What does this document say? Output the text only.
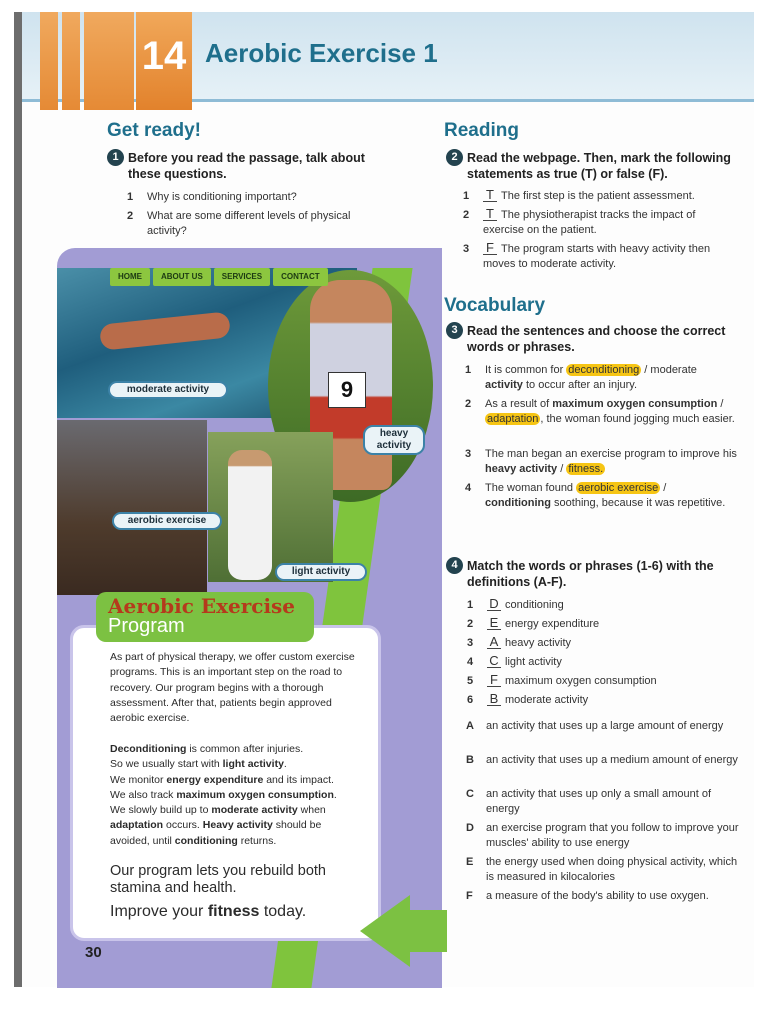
14 Aerobic Exercise 1
Get ready!
1 Before you read the passage, talk about these questions.
1 Why is conditioning important?
2 What are some different levels of physical activity?
9
HOME	ABOUT US	SERVICES	CONTACT
moderate activity
heavy activity
aerobic exercise
light activity
Aerobic Exercise
Program
As part of physical therapy, we offer custom exercise programs. This is an important step on the road to recovery. Our program begins with a thorough assessment. After that, patients begin approved aerobic exercise.
Deconditioning is common after injuries.
So we usually start with light activity.
We monitor energy expenditure and its impact.
We also track maximum oxygen consumption.
We slowly build up to moderate activity when
adaptation occurs. Heavy activity should be
avoided, until conditioning returns.
Our program lets you rebuild both stamina and health.
Improve your fitness today.
30
Reading
2 Read the webpage. Then, mark the following statements as true (T) or false (F).
1 T The first step is the patient assessment.
2 T The physiotherapist tracks the impact of exercise on the patient.
3 F The program starts with heavy activity then moves to moderate activity.
Vocabulary
3 Read the sentences and choose the correct words or phrases.
1 It is common for deconditioning / moderate
activity to occur after an injury.
2 As a result of maximum oxygen consumption /
adaptation , the woman found jogging much easier.
3 The man began an exercise program to improve his heavy activity / fitness.
4 The woman found aerobic exercise /
conditioning soothing, because it was repetitive.
4 Match the words or phrases (1-6) with the definitions (A-F).
1 D conditioning
2 E energy expenditure
3 A heavy activity
4 C light activity
5 F maximum oxygen consumption
6 B moderate activity
A an activity that uses up a large amount of energy
B an activity that uses up a medium amount of energy
C an activity that uses up only a small amount of energy
D an exercise program that you follow to improve your muscles' ability to use energy
E the energy used when doing physical activity, which is measured in kilocalories
F a measure of the body's ability to use oxygen.
